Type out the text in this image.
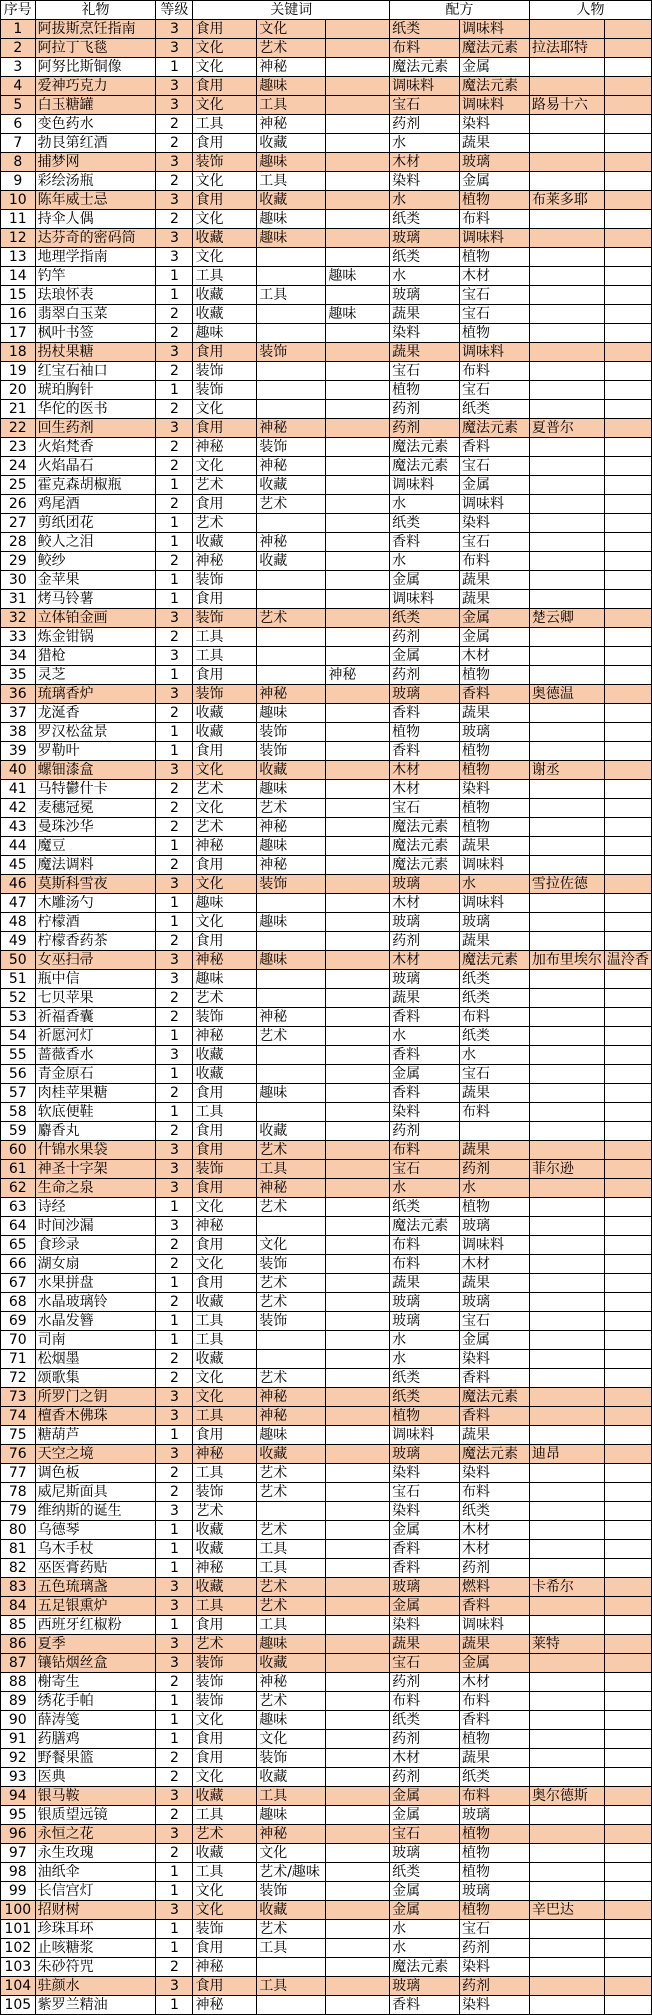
序号	礼物	等级	关键词			配方		人物	
1	阿拔斯烹饪指南	3	食用	文化		纸类	调味料		
2	阿拉丁飞毯	3	文化	艺术		布料	魔法元素	拉法耶特	
3	阿努比斯铜像	1	文化	神秘		魔法元素	金属		
4	爱神巧克力	3	食用	趣味		调味料	魔法元素		
5	白玉糖罐	3	文化	工具		宝石	调味料	路易十六	
6	变色药水	2	工具	神秘		药剂	染料		
7	勃艮第红酒	2	食用	收藏		水	蔬果		
8	捕梦网	3	装饰	趣味		木材	玻璃		
9	彩绘汤瓶	2	文化	工具		染料	金属		
10	陈年威士忌	3	食用	收藏		水	植物	布莱多耶	
11	持伞人偶	2	文化	趣味		纸类	布料		
12	达芬奇的密码筒	3	收藏	趣味		玻璃	调味料		
13	地理学指南	3	文化			纸类	植物		
14	钓竿	1	工具		趣味	水	木材		
15	珐琅怀表	1	收藏	工具		玻璃	宝石		
16	翡翠白玉菜	2	收藏		趣味	蔬果	宝石		
17	枫叶书签	2	趣味			染料	植物		
18	拐杖果糖	3	食用	装饰		蔬果	调味料		
19	红宝石袖口	2	装饰			宝石	布料		
20	琥珀胸针	1	装饰			植物	宝石		
21	华佗的医书	2	文化			药剂	纸类		
22	回生药剂	3	食用	神秘		药剂	魔法元素	夏普尔	
23	火焰梵香	2	神秘	装饰		魔法元素	香料		
24	火焰晶石	2	文化	神秘		魔法元素	宝石		
25	霍克森胡椒瓶	1	艺术	收藏		调味料	金属		
26	鸡尾酒	2	食用	艺术		水	调味料		
27	剪纸团花	1	艺术			纸类	染料		
28	鲛人之泪	1	收藏	神秘		香料	宝石		
29	鲛纱	2	神秘	收藏		水	布料		
30	金苹果	1	装饰			金属	蔬果		
31	烤马铃薯	1	食用			调味料	蔬果		
32	立体铂金画	3	装饰	艺术		纸类	金属	楚云卿	
33	炼金钳锅	2	工具			药剂	金属		
34	猎枪	3	工具			金属	木材		
35	灵芝	1	食用		神秘	药剂	植物		
36	琉璃香炉	3	装饰	神秘		玻璃	香料	奥德温	
37	龙涎香	2	收藏	趣味		香料	蔬果		
38	罗汉松盆景	1	收藏	装饰		植物	玻璃		
39	罗勒叶	1	食用	装饰		香料	植物		
40	螺钿漆盒	3	文化	收藏		木材	植物	谢丞	
41	马特鬱什卡	2	艺术	趣味		木材	染料		
42	麦穗冠冕	2	文化	艺术		宝石	植物		
43	曼珠沙华	2	艺术	神秘		魔法元素	植物		
44	魔豆	1	神秘	趣味		魔法元素	蔬果		
45	魔法调料	2	食用	神秘		魔法元素	调味料		
46	莫斯科雪夜	3	文化	装饰		玻璃	水	雪拉佐德	
47	木雕汤勺	1	趣味			木材	调味料		
48	柠檬酒	1	文化	趣味		玻璃	玻璃		
49	柠檬香药茶	2	食用			药剂	蔬果		
50	女巫扫帚	3	神秘	趣味		木材	魔法元素	加布里埃尔	温泠香
51	瓶中信	3	趣味			玻璃	纸类		
52	七贝苹果	2	艺术			蔬果	纸类		
53	祈福香囊	2	装饰	神秘		香料	布料		
54	祈愿河灯	1	神秘	艺术		水	纸类		
55	蔷薇香水	3	收藏			香料	水		
56	青金原石	1	收藏			金属	宝石		
57	肉桂苹果糖	2	食用	趣味		香料	蔬果		
58	软底便鞋	1	工具			染料	布料		
59	麝香丸	2	食用	收藏		药剂			
60	什锦水果袋	3	食用	艺术		布料	蔬果		
61	神圣十字架	3	装饰	工具		宝石	药剂	菲尔逊	
62	生命之泉	3	食用	神秘		水	水		
63	诗经	1	文化	艺术		纸类	植物		
64	时间沙漏	3	神秘			魔法元素	玻璃		
65	食珍录	2	食用	文化		布料	调味料		
66	湖女扇	2	文化	装饰		布料	木材		
67	水果拼盘	1	食用	艺术		蔬果	蔬果		
68	水晶玻璃铃	2	收藏	艺术		玻璃	玻璃		
69	水晶发簪	1	工具	装饰		玻璃	宝石		
70	司南	1	工具			水	金属		
71	松烟墨	2	收藏			水	染料		
72	颂歌集	2	文化	艺术		纸类	香料		
73	所罗门之钥	3	文化	神秘		纸类	魔法元素		
74	檀香木佛珠	3	工具	神秘		植物	香料		
75	糖葫芦	1	食用	趣味		调味料	蔬果		
76	天空之境	3	神秘	收藏		玻璃	魔法元素	迪昂	
77	调色板	2	工具	艺术		染料	染料		
78	威尼斯面具	2	装饰	艺术		宝石	布料		
79	维纳斯的诞生	3	艺术			染料	纸类		
80	乌德琴	1	收藏	艺术		金属	木材		
81	乌木手杖	1	收藏	工具		香料	木材		
82	巫医膏药贴	1	神秘	工具		香料	药剂		
83	五色琉璃盏	3	收藏	艺术		玻璃	燃料	卡希尔	
84	五足银熏炉	3	工具	艺术		金属	香料		
85	西班牙红椒粉	1	食用	工具		染料	调味料		
86	夏季	3	艺术	趣味		蔬果	蔬果	莱特	
87	镶钻烟丝盒	3	装饰	收藏		宝石	金属		
88	榭寄生	2	装饰	神秘		药剂	木材		
89	绣花手帕	1	装饰	艺术		布料	布料		
90	薛涛笺	1	文化	趣味		纸类	香料		
91	药膳鸡	1	食用	文化		药剂	植物		
92	野餐果篮	2	食用	装饰		木材	蔬果		
93	医典	2	文化	收藏		药剂	纸类		
94	银马鞍	3	收藏	工具		金属	布料	奥尔德斯	
95	银质望远镜	2	工具	趣味		金属	玻璃		
96	永恒之花	3	艺术	神秘		宝石	植物		
97	永生玫瑰	2	收藏	文化		玻璃	植物		
98	油纸伞	1	工具	艺术/趣味		纸类	植物		
99	长信宫灯	1	文化	装饰		金属	玻璃		
100	招财树	3	文化	收藏		金属	植物	辛巴达	
101	珍珠耳环	1	装饰	艺术		水	宝石		
102	止咳糖浆	1	食用	工具		水	药剂		
103	朱砂符咒	2	神秘			魔法元素	染料		
104	驻颜水	3	食用	工具		玻璃	药剂		
105	紫罗兰精油	1	神秘			香料	染料		
